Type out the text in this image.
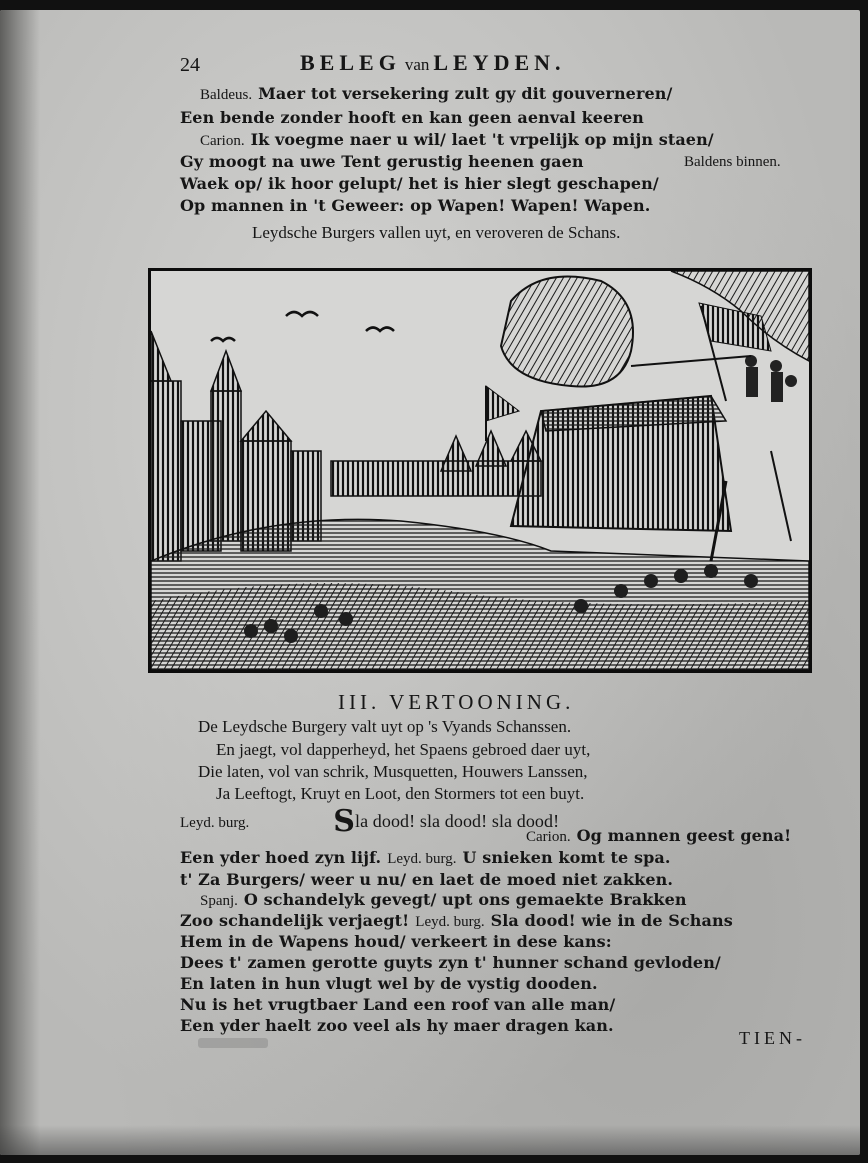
24	BELEG van LEYDEN.
Baldeus. Maer tot versekering zult gy dit gouverneren/
Een bende zonder hooft en kan geen aenval keeren
Carion. Ik voegme naer u wil/ laet 't vrpelijk op mijn staen/
Gy moogt na uwe Tent gerustig heenen gaen	Baldens binnen.
Waek op/ ik hoor gelupt/ het is hier slegt geschapen/
Op mannen in 't Geweer: op Wapen! Wapen! Wapen.
Leydsche Burgers vallen uyt, en veroveren de Schans.
III. VERTOONING.
De Leydsche Burgery valt uyt op 's Vyands Schanssen.
En jaegt, vol dapperheyd, het Spaens gebroed daer uyt,
Die laten, vol van schrik, Musquetten, Houwers Lanssen,
Ja Leeftogt, Kruyt en Loot, den Stormers tot een buyt.
Leyd. burg.	Sla dood! sla dood! sla dood!
Carion. Og mannen geest gena!
Een yder hoed zyn lijf. Leyd. burg. U snieken komt te spa.
t' Za Burgers/ weer u nu/ en laet de moed niet zakken.
Spanj. O schandelyk gevegt/ upt ons gemaekte Brakken
Zoo schandelijk verjaegt! Leyd. burg. Sla dood! wie in de Schans
Hem in de Wapens houd/ verkeert in dese kans:
Dees t' zamen gerotte guyts zyn t' hunner schand gevloden/
En laten in hun vlugt wel by de vystig dooden.
Nu is het vrugtbaer Land een roof van alle man/
Een yder haelt zoo veel als hy maer dragen kan.
TIEN-
